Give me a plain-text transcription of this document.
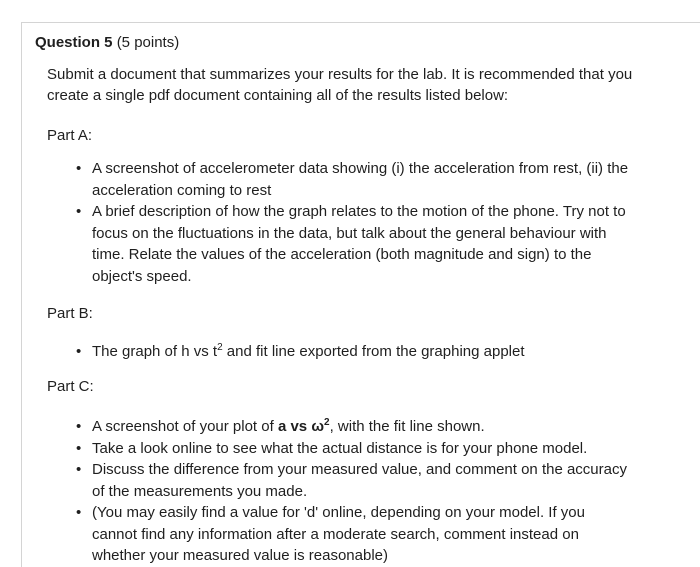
Question 5 (5 points)

Submit a document that summarizes your results for the lab. It is recommended that you create a single pdf document containing all of the results listed below:

Part A:

• A screenshot of accelerometer data showing (i) the acceleration from rest, (ii) the acceleration coming to rest
• A brief description of how the graph relates to the motion of the phone. Try not to focus on the fluctuations in the data, but talk about the general behaviour with time. Relate the values of the acceleration (both magnitude and sign) to the object's speed.

Part B:

• The graph of h vs $t^2$ and fit line exported from the graphing applet

Part C:

• A screenshot of your plot of a vs $\omega^2$, with the fit line shown.
• Take a look online to see what the actual distance is for your phone model.
• Discuss the difference from your measured value, and comment on the accuracy of the measurements you made.
• (You may easily find a value for 'd' online, depending on your model. If you cannot find any information after a moderate search, comment instead on whether your measured value is reasonable)
